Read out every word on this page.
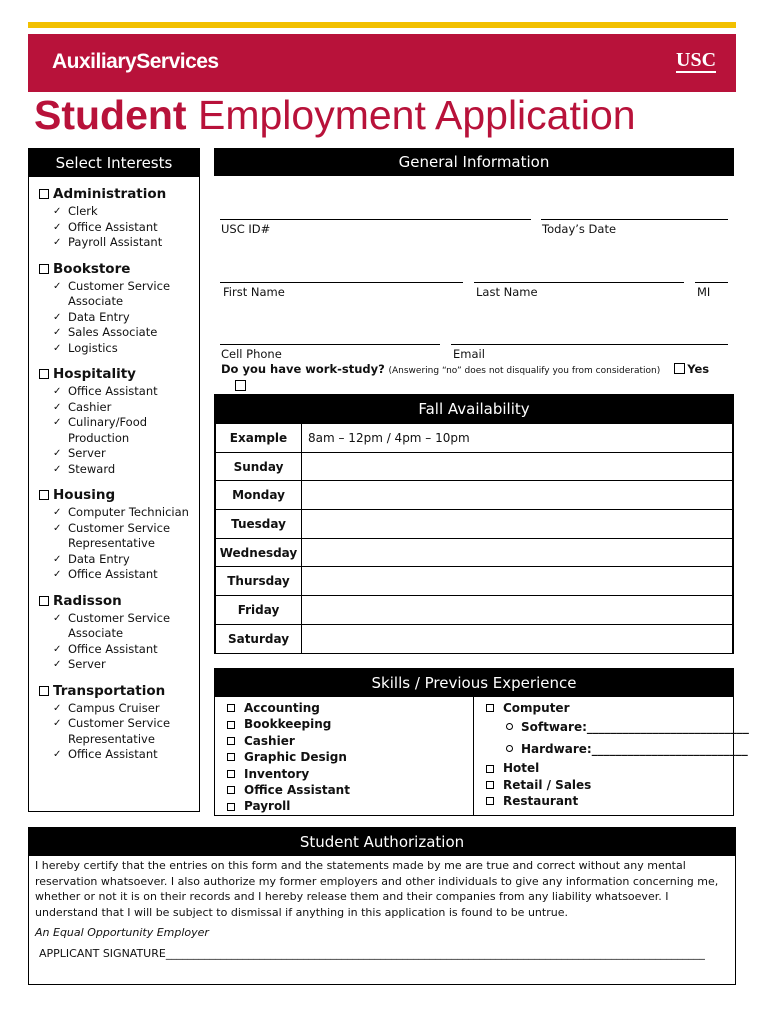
AuxiliaryServices	USC
Student Employment Application
Select Interests
Administration
✓ Clerk
✓ Office Assistant
✓ Payroll Assistant
Bookstore
✓ Customer Service Associate
✓ Data Entry
✓ Sales Associate
✓ Logistics
Hospitality
✓ Office Assistant
✓ Cashier
✓ Culinary/Food Production
✓ Server
✓ Steward
Housing
✓ Computer Technician
✓ Customer Service Representative
✓ Data Entry
✓ Office Assistant
Radisson
✓ Customer Service Associate
✓ Office Assistant
✓ Server
Transportation
✓ Campus Cruiser
✓ Customer Service Representative
✓ Office Assistant
General Information
USC ID#	Today’s Date
First Name	Last Name	MI
Cell Phone	Email
Do you have work-study? (Answering “no” does not disqualify you from consideration) Yes

Fall Availability
Example	8am – 12pm / 4pm – 10pm
Sunday	
Monday	
Tuesday	
Wednesday	
Thursday	
Friday	
Saturday	
Skills / Previous Experience
Accounting
Bookkeeping
Cashier
Graphic Design
Inventory
Office Assistant
Payroll
Computer
Software:___________________________
Hardware:__________________________
Hotel
Retail / Sales
Restaurant
Student Authorization
I hereby certify that the entries on this form and the statements made by me are true and correct without any mental reservation whatsoever. I also authorize my former employers and other individuals to give any information concerning me, whether or not it is on their records and I hereby release them and their companies from any liability whatsoever. I understand that I will be subject to dismissal if anything in this application is found to be untrue.
An Equal Opportunity Employer
APPLICANT SIGNATURE__________________________________________________________________________________________________
